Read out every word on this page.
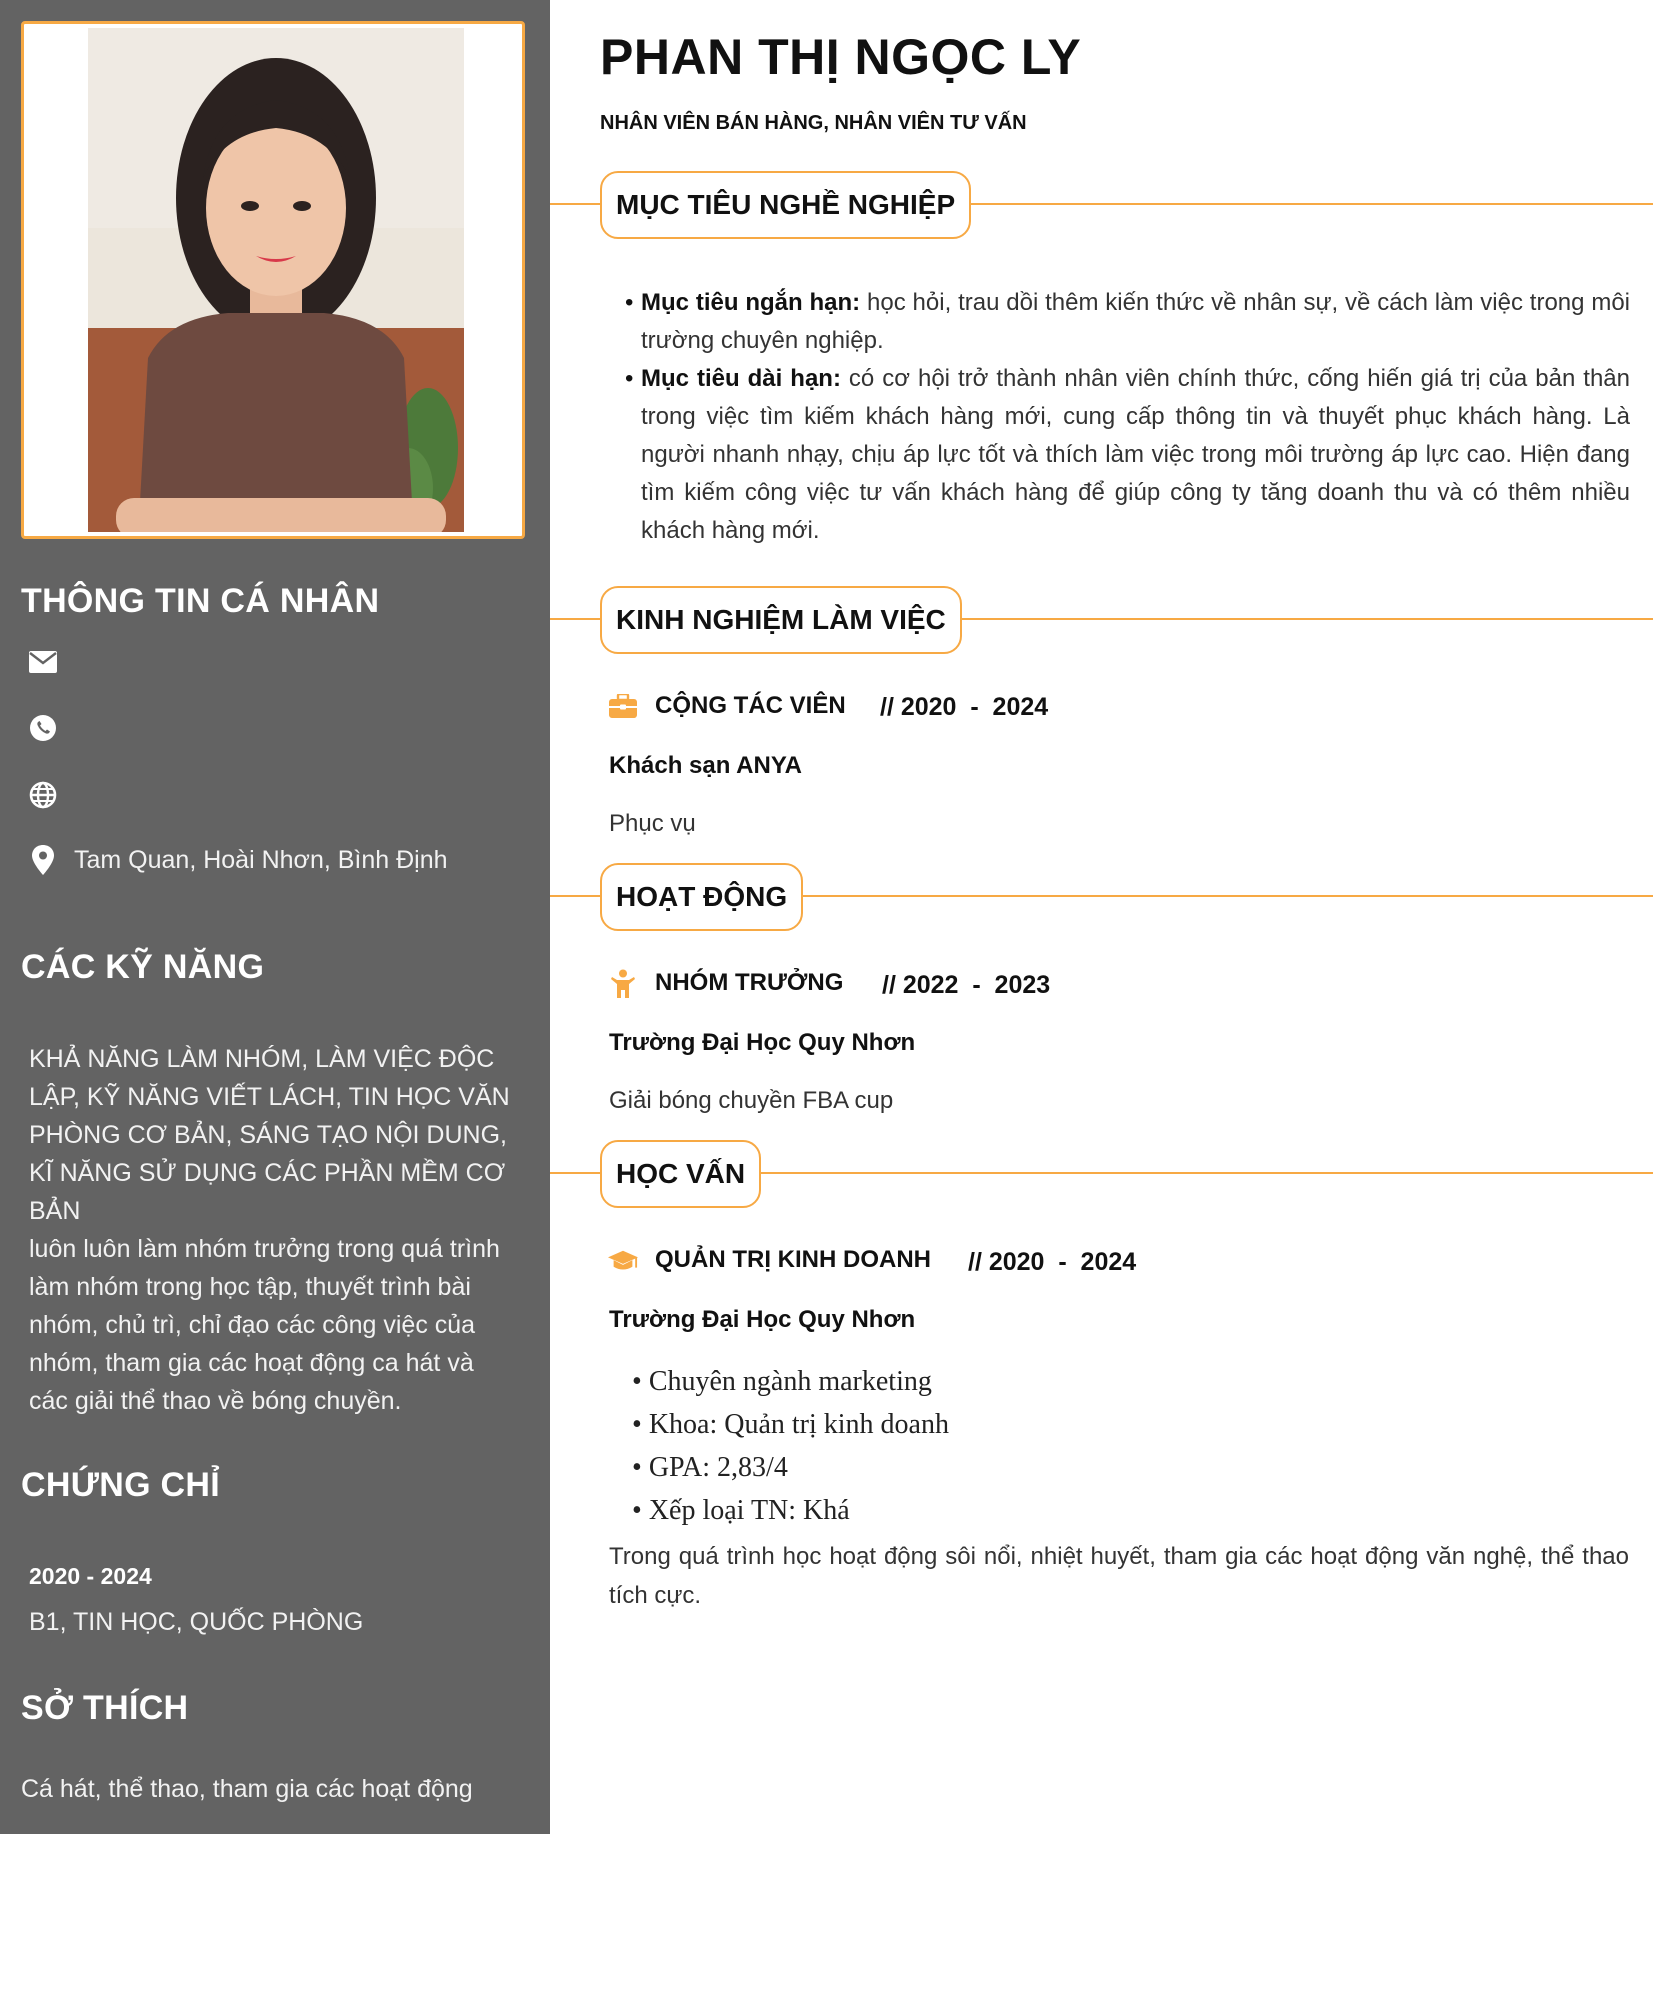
THÔNG TIN CÁ NHÂN
Tam Quan, Hoài Nhơn, Bình Định
CÁC KỸ NĂNG
KHẢ NĂNG LÀM NHÓM, LÀM VIỆC ĐỘC
LẬP, KỸ NĂNG VIẾT LÁCH, TIN HỌC VĂN
PHÒNG CƠ BẢN, SÁNG TẠO NỘI DUNG,
KĨ NĂNG SỬ DỤNG CÁC PHẦN MỀM CƠ
BẢN
luôn luôn làm nhóm trưởng trong quá trình
làm nhóm trong học tập, thuyết trình bài
nhóm, chủ trì, chỉ đạo các công việc của
nhóm, tham gia các hoạt động ca hát và
các giải thể thao về bóng chuyền.
CHỨNG CHỈ
2020 - 2024
B1, TIN HỌC, QUỐC PHÒNG
SỞ THÍCH
Cá hát, thể thao, tham gia các hoạt động
PHAN THỊ NGỌC LY
NHÂN VIÊN BÁN HÀNG, NHÂN VIÊN TƯ VẤN
MỤC TIÊU NGHỀ NGHIỆP
• Mục tiêu ngắn hạn: học hỏi, trau dồi thêm kiến thức về nhân sự, về cách làm việc trong môi trường chuyên nghiệp.
• Mục tiêu dài hạn: có cơ hội trở thành nhân viên chính thức, cống hiến giá trị của bản thân trong việc tìm kiếm khách hàng mới, cung cấp thông tin và thuyết phục khách hàng. Là người nhanh nhạy, chịu áp lực tốt và thích làm việc trong môi trường áp lực cao. Hiện đang tìm kiếm công việc tư vấn khách hàng để giúp công ty tăng doanh thu và có thêm nhiều khách hàng mới.
KINH NGHIỆM LÀM VIỆC
CỘNG TÁC VIÊN // 2020  -  2024
Khách sạn ANYA
Phục vụ
HOẠT ĐỘNG
NHÓM TRƯỞNG // 2022  -  2023
Trường Đại Học Quy Nhơn
Giải bóng chuyền FBA cup
HỌC VẤN
QUẢN TRỊ KINH DOANH // 2020  -  2024
Trường Đại Học Quy Nhơn
• Chuyên ngành marketing
• Khoa: Quản trị kinh doanh
• GPA: 2,83/4
• Xếp loại TN: Khá
Trong quá trình học hoạt động sôi nổi, nhiệt huyết, tham gia các hoạt động văn nghệ, thể thao tích cực.
